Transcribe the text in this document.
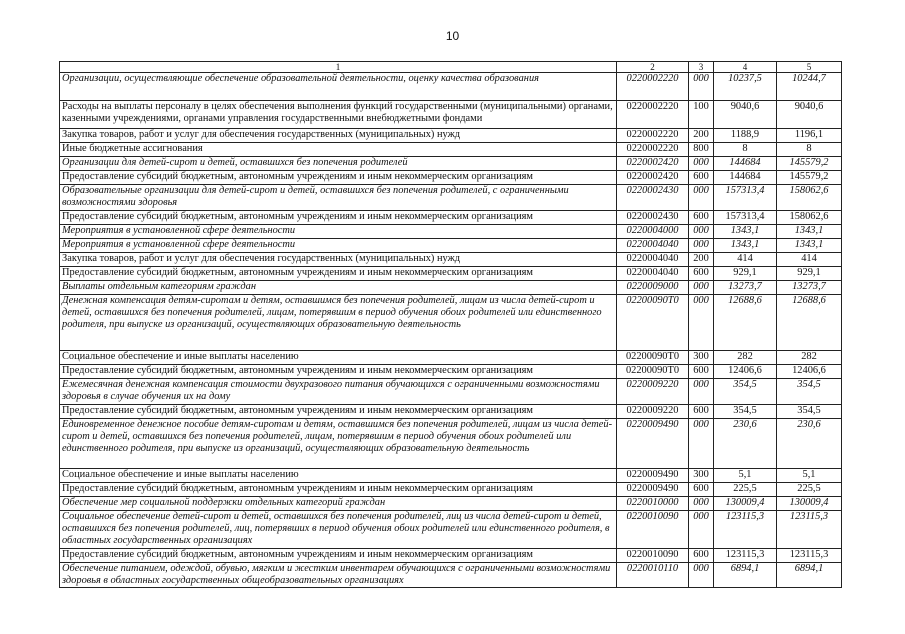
10
1	2	3	4	5
Организации, осуществляющие обеспечение образовательной деятельности, оценку качества образования	0220002220	000	10237,5	10244,7
Расходы на выплаты персоналу в целях обеспечения выполнения функций государственными (муниципальными) органами, казенными учреждениями, органами управления государственными внебюджетными фондами	0220002220	100	9040,6	9040,6
Закупка товаров, работ и услуг для обеспечения государственных (муниципальных) нужд	0220002220	200	1188,9	1196,1
Иные бюджетные ассигнования	0220002220	800	8	8
Организации для детей-сирот и детей, оставшихся без попечения родителей	0220002420	000	144684	145579,2
Предоставление субсидий бюджетным, автономным учреждениям и иным некоммерческим организациям	0220002420	600	144684	145579,2
Образовательные организации для детей-сирот и детей, оставшихся без попечения родителей, с ограниченными возможностями здоровья	0220002430	000	157313,4	158062,6
Предоставление субсидий бюджетным, автономным учреждениям и иным некоммерческим организациям	0220002430	600	157313,4	158062,6
Мероприятия в установленной сфере деятельности	0220004000	000	1343,1	1343,1
Мероприятия в установленной сфере деятельности	0220004040	000	1343,1	1343,1
Закупка товаров, работ и услуг для обеспечения государственных (муниципальных) нужд	0220004040	200	414	414
Предоставление субсидий бюджетным, автономным учреждениям и иным некоммерческим организациям	0220004040	600	929,1	929,1
Выплаты отдельным категориям граждан	0220009000	000	13273,7	13273,7
Денежная компенсация детям-сиротам и детям, оставшимся без попечения родителей, лицам из числа детей-сирот и детей, оставшихся без попечения родителей, лицам, потерявшим в период обучения обоих родителей или единственного родителя, при выпуске из организаций, осуществляющих образовательную деятельность	02200090Т0	000	12688,6	12688,6
Социальное обеспечение и иные выплаты населению	02200090Т0	300	282	282
Предоставление субсидий бюджетным, автономным учреждениям и иным некоммерческим организациям	02200090Т0	600	12406,6	12406,6
Ежемесячная денежная компенсация стоимости двухразового питания обучающихся с ограниченными возможностями здоровья в случае обучения их на дому	0220009220	000	354,5	354,5
Предоставление субсидий бюджетным, автономным учреждениям и иным некоммерческим организациям	0220009220	600	354,5	354,5
Единовременное денежное пособие детям-сиротам и детям, оставшимся без попечения родителей, лицам из числа детей-сирот и детей, оставшихся без попечения родителей, лицам, потерявшим в период обучения обоих родителей или единственного родителя, при выпуске из организаций, осуществляющих образовательную деятельность	0220009490	000	230,6	230,6
Социальное обеспечение и иные выплаты населению	0220009490	300	5,1	5,1
Предоставление субсидий бюджетным, автономным учреждениям и иным некоммерческим организациям	0220009490	600	225,5	225,5
Обеспечение мер социальной поддержки отдельных категорий граждан	0220010000	000	130009,4	130009,4
Социальное обеспечение детей-сирот и детей, оставшихся без попечения родителей, лиц из числа детей-сирот и детей, оставшихся без попечения родителей, лиц, потерявших в период обучения обоих родителей или единственного родителя, в областных государственных организациях	0220010090	000	123115,3	123115,3
Предоставление субсидий бюджетным, автономным учреждениям и иным некоммерческим организациям	0220010090	600	123115,3	123115,3
Обеспечение питанием, одеждой, обувью, мягким и жестким инвентарем обучающихся с ограниченными возможностями здоровья в областных государственных общеобразовательных организациях	0220010110	000	6894,1	6894,1
